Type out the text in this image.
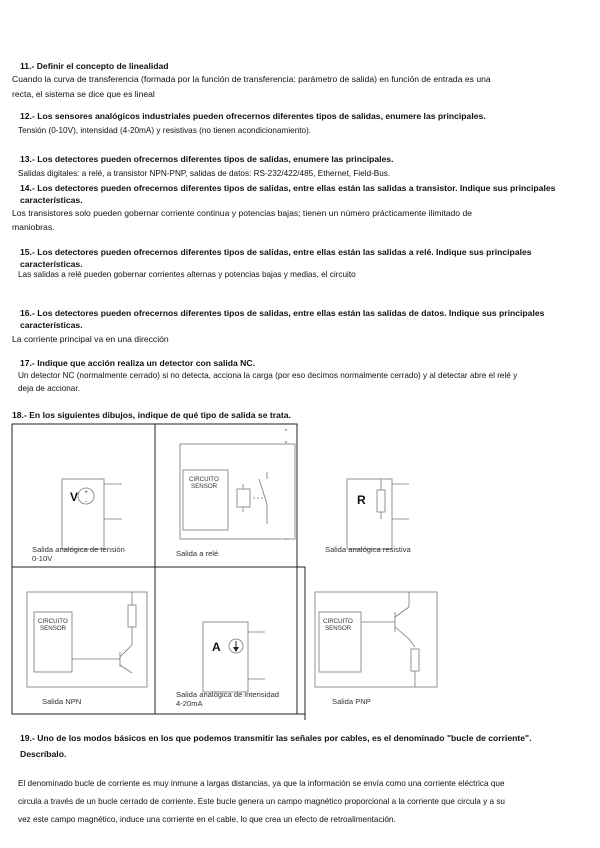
11.- Definir el concepto de linealidad
Cuando la curva de transferencia (formada por la función de transferencia: parámetro de salida) en función de entrada es una
recta, el sistema se dice que es lineal
12.- Los sensores analógicos industriales pueden ofrecernos diferentes tipos de salidas, enumere las principales.
Tensión (0-10V), intensidad (4-20mA) y resistivas (no tienen acondicionamiento).
13.- Los detectores pueden ofrecernos diferentes tipos de salidas, enumere las principales.
Salidas digitales: a relé, a transistor NPN-PNP, salidas de datos: RS-232/422/485, Ethernet, Field-Bus.
14.- Los detectores pueden ofrecernos diferentes tipos de salidas, entre ellas están las salidas a transistor. Indique sus principales
características.
Los transistores solo pueden gobernar corriente continua y potencias bajas; tienen un número prácticamente ilimitado de
maniobras.
15.- Los detectores pueden ofrecernos diferentes tipos de salidas, entre ellas están las salidas a relé. Indique sus principales
características.
Las salidas a relé pueden gobernar corrientes alternas y potencias bajas y medias, el circuito
16.- Los detectores pueden ofrecernos diferentes tipos de salidas, entre ellas están las salidas de datos. Indique sus principales
características.
La corriente principal va en una dirección
17.- Indique que acción realiza un detector con salida NC.
Un detector NC (normalmente cerrado) si no detecta, acciona la carga (por eso decimos normalmente cerrado) y al detectar abre el relé y
deja de accionar.
18.- En los siguientes dibujos, indique de qué tipo de salida se trata.
+
-
V
Salida analógica de tensión
0-10V
CIRCUITO
SENSOR
Salida a relé
R
Salida analógica resistiva
CIRCUITO
SENSOR
Salida NPN
A
Salida analógica de intensidad
4-20mA
CIRCUITO
SENSOR
Salida PNP
19.- Uno de los modos básicos en los que podemos transmitir las señales por cables, es el denominado "bucle de corriente".
Descríbalo.
El denominado bucle de corriente es muy inmune a largas distancias, ya que la información se envía como una corriente eléctrica que
circula a través de un bucle cerrado de corriente. Este bucle genera un campo magnético proporcional a la corriente que circula y a su
vez este campo magnético, induce una corriente en el cable, lo que crea un efecto de retroalimentación.
